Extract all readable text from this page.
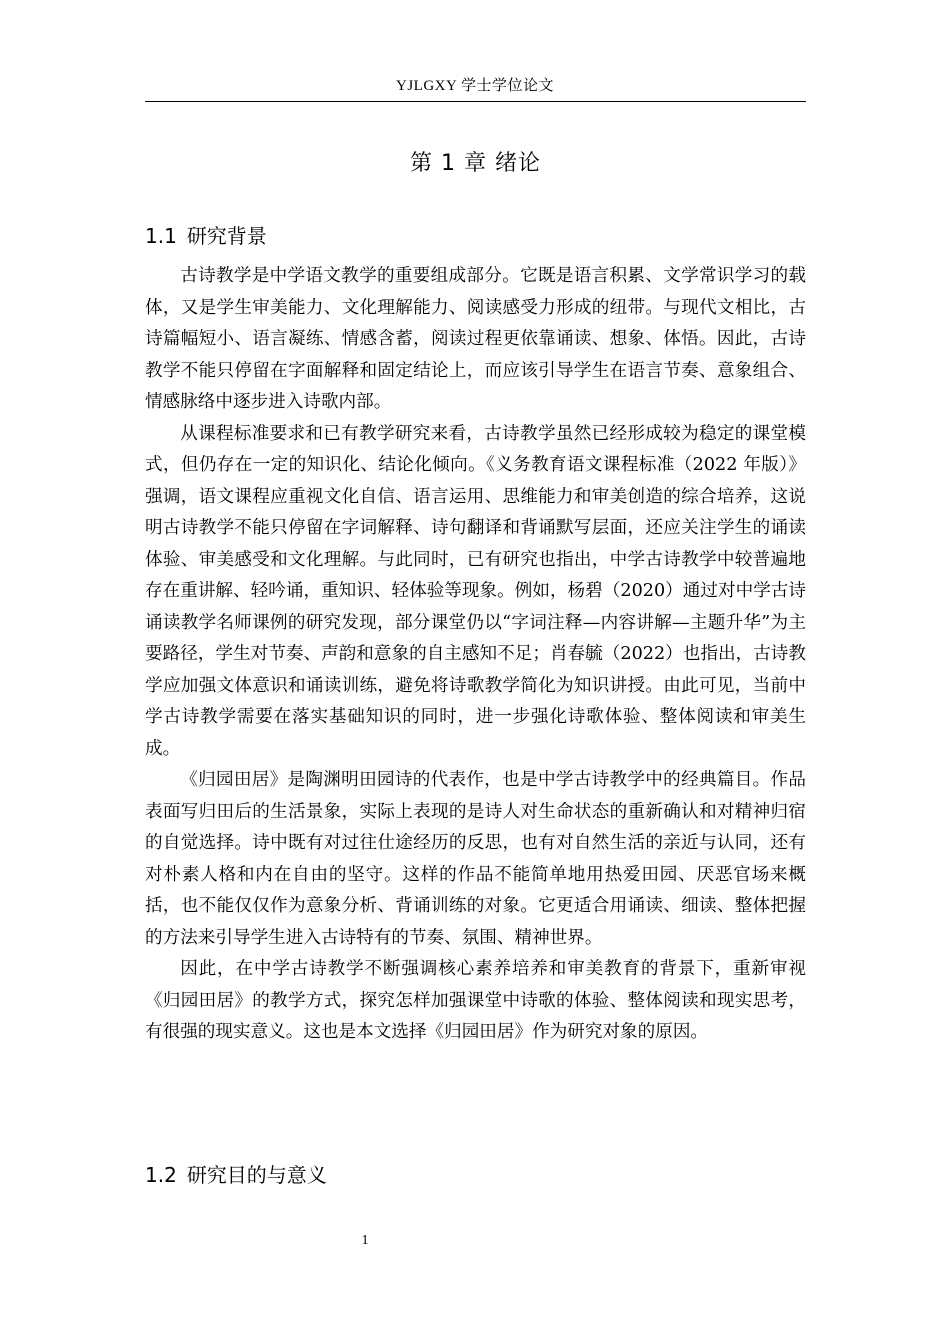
YJLGXY 学士学位论文
第 1 章 绪论
1.1 研究背景

古诗教学是中学语文教学的重要组成部分。它既是语言积累、文学常识学习的载体，又是学生审美能力、文化理解能力、阅读感受力形成的纽带。与现代文相比，古诗篇幅短小、语言凝练、情感含蓄，阅读过程更依靠诵读、想象、体悟。因此，古诗教学不能只停留在字面解释和固定结论上，而应该引导学生在语言节奏、意象组合、情感脉络中逐步进入诗歌内部。

从课程标准要求和已有教学研究来看，古诗教学虽然已经形成较为稳定的课堂模式，但仍存在一定的知识化、结论化倾向。《义务教育语文课程标准（2022 年版）》强调，语文课程应重视文化自信、语言运用、思维能力和审美创造的综合培养，这说明古诗教学不能只停留在字词解释、诗句翻译和背诵默写层面，还应关注学生的诵读体验、审美感受和文化理解。与此同时，已有研究也指出，中学古诗教学中较普遍地存在重讲解、轻吟诵，重知识、轻体验等现象。例如，杨碧（2020）通过对中学古诗诵读教学名师课例的研究发现，部分课堂仍以“字词注释—内容讲解—主题升华”为主要路径，学生对节奏、声韵和意象的自主感知不足；肖春毓（2022）也指出，古诗教学应加强文体意识和诵读训练，避免将诗歌教学简化为知识讲授。由此可见，当前中学古诗教学需要在落实基础知识的同时，进一步强化诗歌体验、整体阅读和审美生成。

《归园田居》是陶渊明田园诗的代表作，也是中学古诗教学中的经典篇目。作品表面写归田后的生活景象，实际上表现的是诗人对生命状态的重新确认和对精神归宿的自觉选择。诗中既有对过往仕途经历的反思，也有对自然生活的亲近与认同，还有对朴素人格和内在自由的坚守。这样的作品不能简单地用热爱田园、厌恶官场来概括，也不能仅仅作为意象分析、背诵训练的对象。它更适合用诵读、细读、整体把握的方法来引导学生进入古诗特有的节奏、氛围、精神世界。

因此，在中学古诗教学不断强调核心素养培养和审美教育的背景下，重新审视《归园田居》的教学方式，探究怎样加强课堂中诗歌的体验、整体阅读和现实思考，有很强的现实意义。这也是本文选择《归园田居》作为研究对象的原因。

1.2 研究目的与意义
1
